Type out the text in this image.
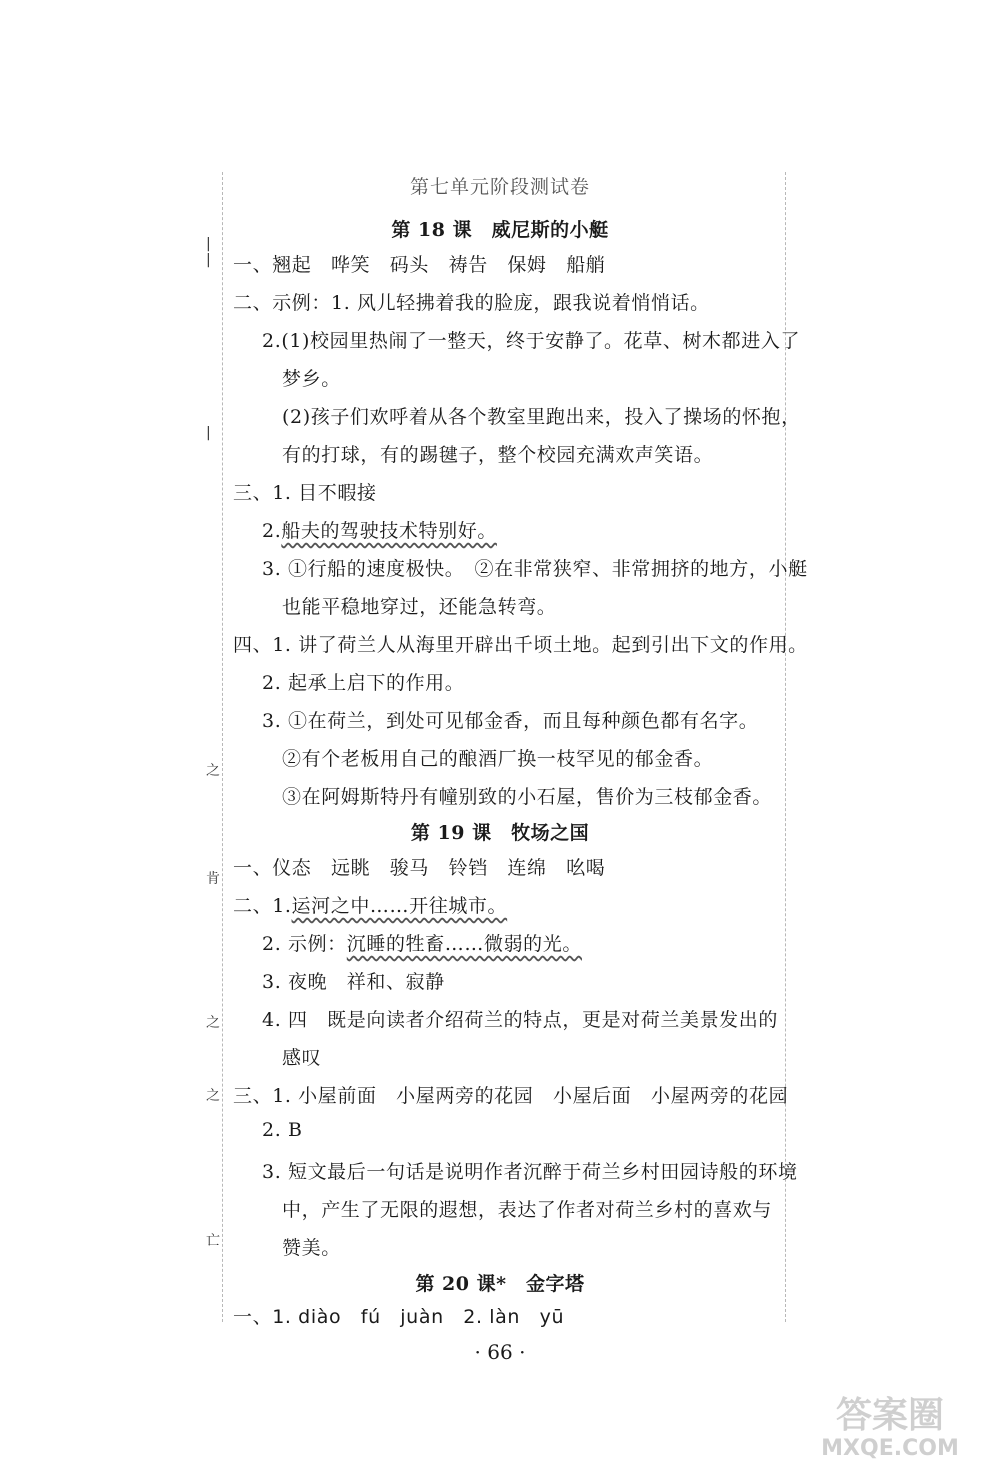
第七单元阶段测试卷
第 18 课　威尼斯的小艇
一、翘起　哗笑　码头　祷告　保姆　船艄
二、示例：1. 风儿轻拂着我的脸庞，跟我说着悄悄话。
2.(1)校园里热闹了一整天，终于安静了。花草、树木都进入了
梦乡。
(2)孩子们欢呼着从各个教室里跑出来，投入了操场的怀抱，
有的打球，有的踢毽子，整个校园充满欢声笑语。
三、1. 目不暇接
2.船夫的驾驶技术特别好。
3. ①行船的速度极快。　②在非常狭窄、非常拥挤的地方，小艇
也能平稳地穿过，还能急转弯。
四、1. 讲了荷兰人从海里开辟出千顷土地。起到引出下文的作用。
2. 起承上启下的作用。
3. ①在荷兰，到处可见郁金香，而且每种颜色都有名字。
②有个老板用自己的酿酒厂换一枝罕见的郁金香。
③在阿姆斯特丹有幢别致的小石屋，售价为三枝郁金香。
第 19 课　牧场之国
一、仪态　远眺　骏马　铃铛　连绵　吆喝
二、1.运河之中……开往城市。
2. 示例：沉睡的牲畜……微弱的光。
3. 夜晚　祥和、寂静
4. 四　既是向读者介绍荷兰的特点，更是对荷兰美景发出的
感叹
三、1. 小屋前面　小屋两旁的花园　小屋后面　小屋两旁的花园
2. B
3. 短文最后一句话是说明作者沉醉于荷兰乡村田园诗般的环境
中，产生了无限的遐想，表达了作者对荷兰乡村的喜欢与
赞美。
第 20 课*　金字塔
一、1. diào　fú　juàn　2. làn　yū
· 66 ·
|
|
|
之
肯
之
之
亡
答案圈
MXQE.COM
